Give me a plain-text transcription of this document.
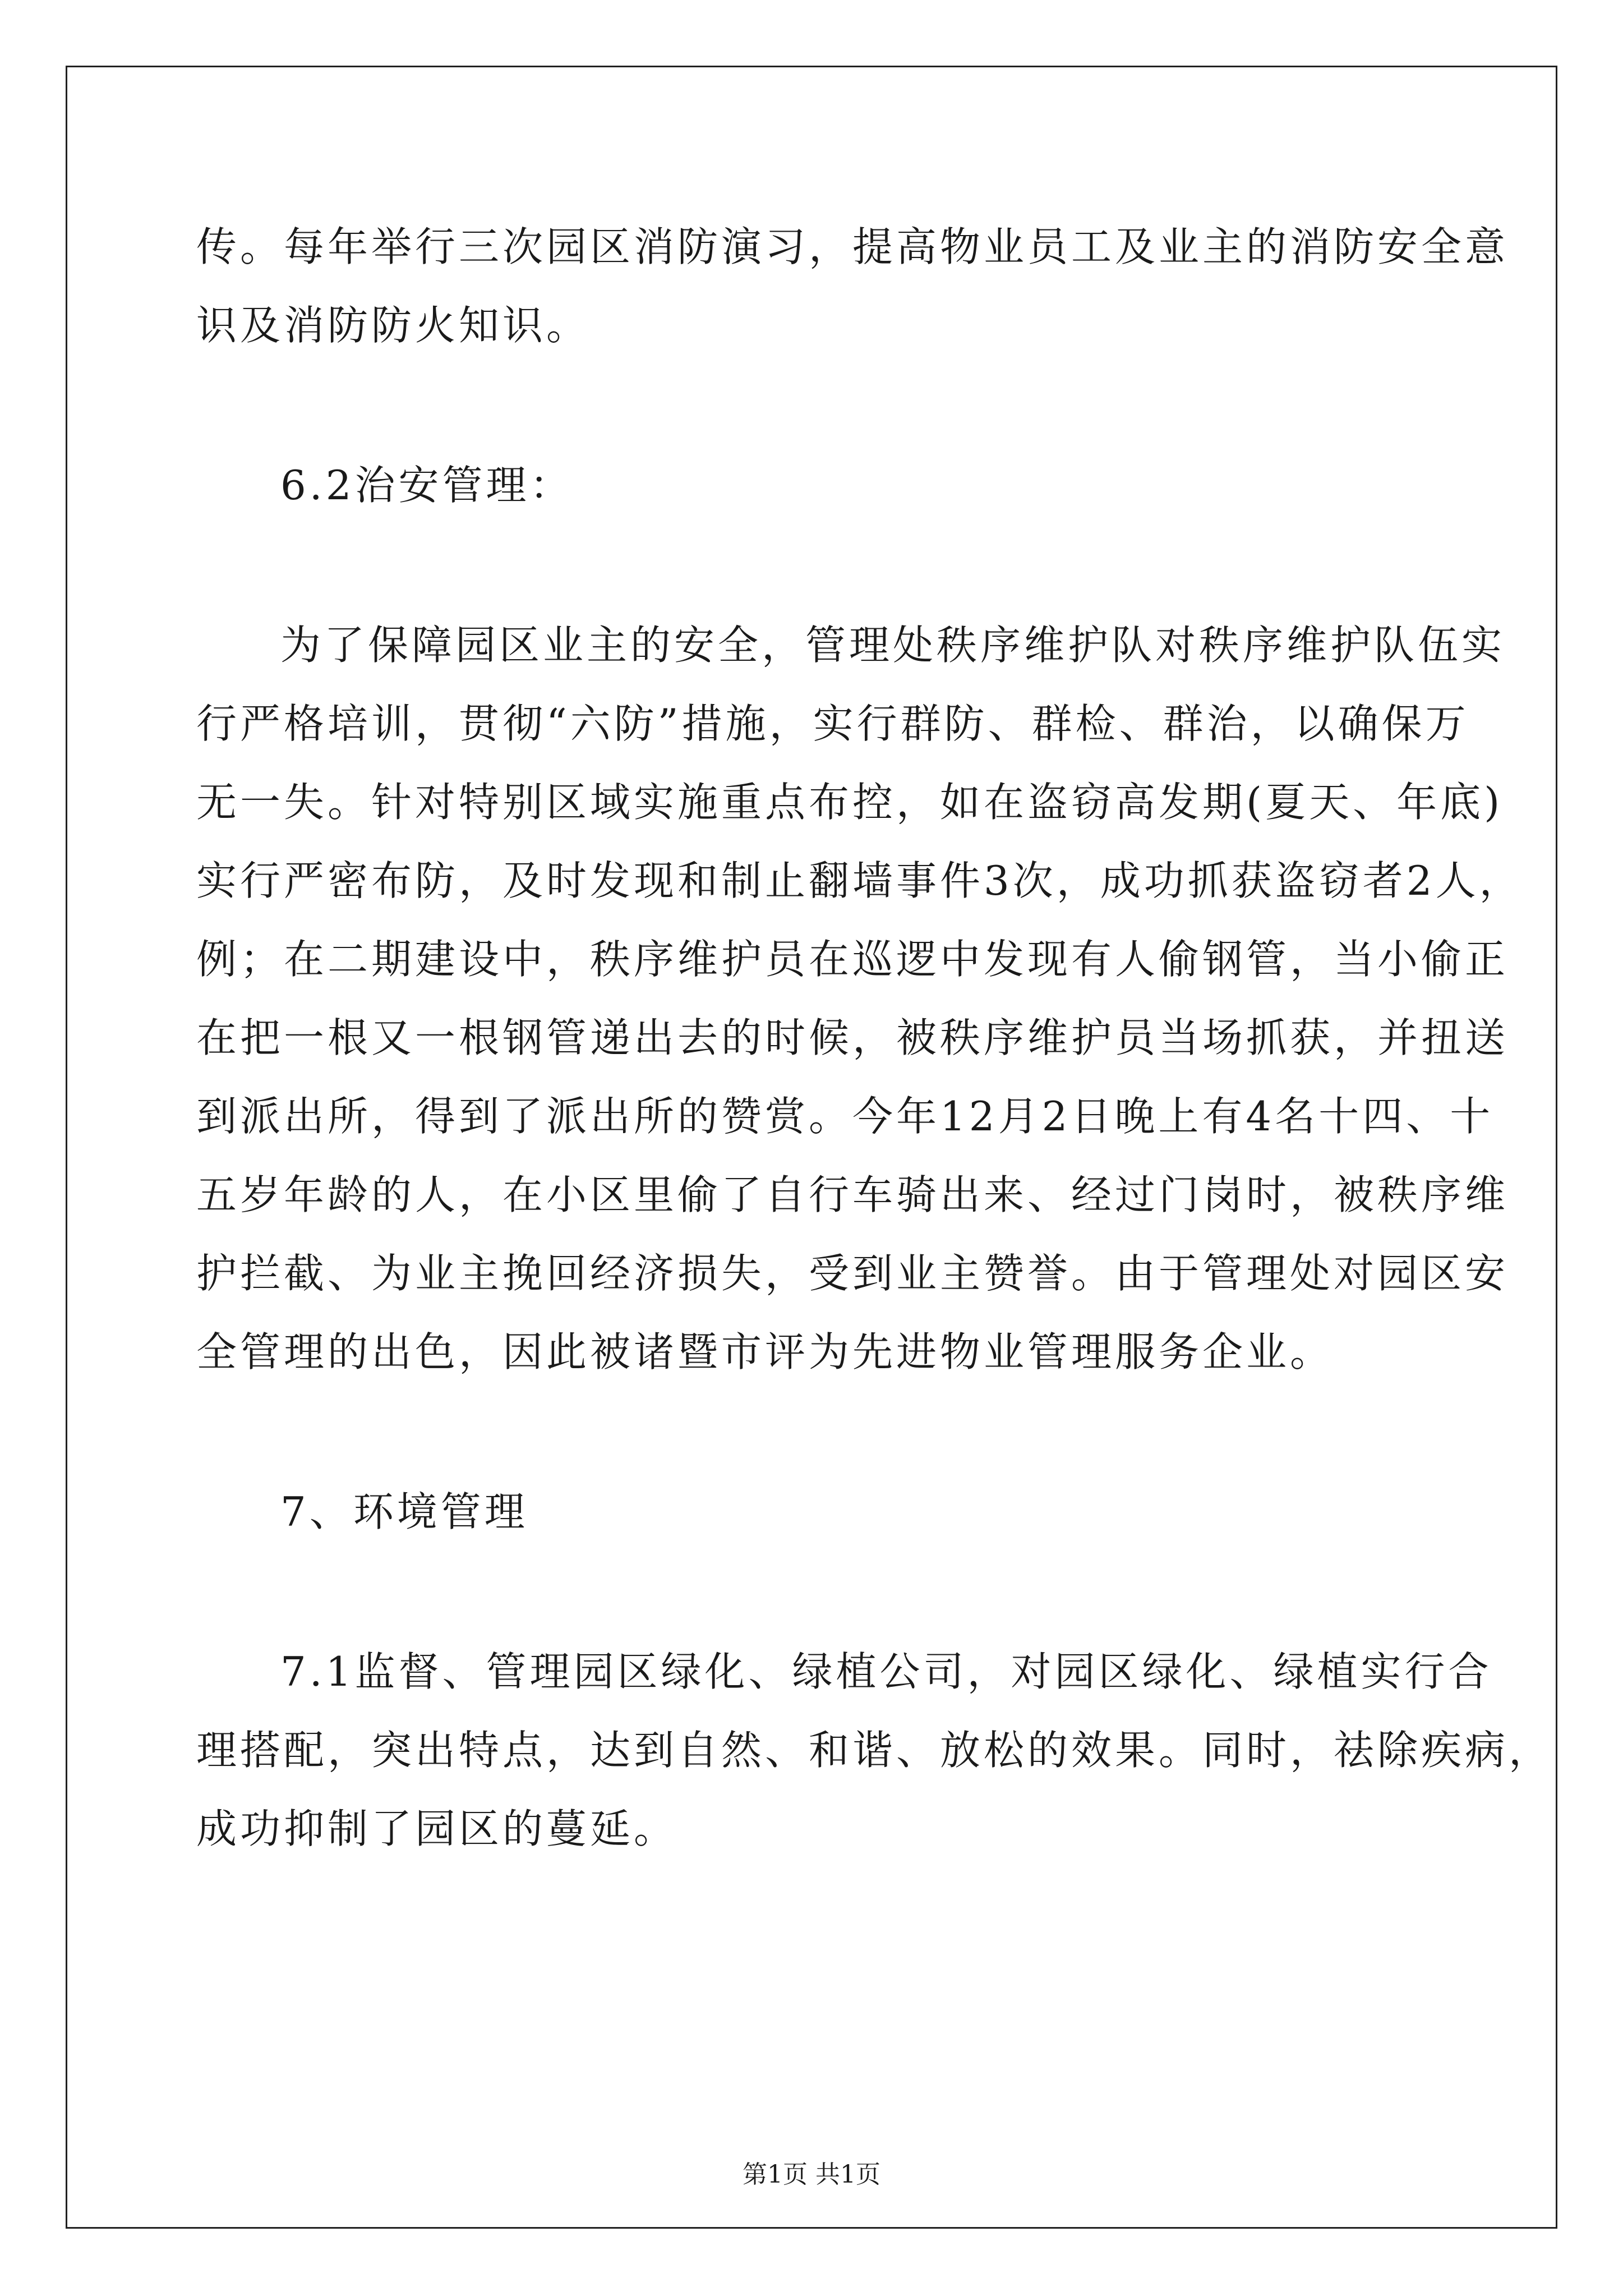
传。每年举行三次园区消防演习，提高物业员工及业主的消防安全意
识及消防防火知识。
6.2治安管理：
为了保障园区业主的安全，管理处秩序维护队对秩序维护队伍实
行严格培训，贯彻“六防”措施，实行群防、群检、群治，以确保万
无一失。针对特别区域实施重点布控，如在盗窃高发期(夏天、年底)
实行严密布防，及时发现和制止翻墙事件3次，成功抓获盗窃者2人，
例；在二期建设中，秩序维护员在巡逻中发现有人偷钢管，当小偷正
在把一根又一根钢管递出去的时候，被秩序维护员当场抓获，并扭送
到派出所，得到了派出所的赞赏。今年12月2日晚上有4名十四、十
五岁年龄的人，在小区里偷了自行车骑出来、经过门岗时，被秩序维
护拦截、为业主挽回经济损失，受到业主赞誉。由于管理处对园区安
全管理的出色，因此被诸暨市评为先进物业管理服务企业。
7、环境管理
7.1监督、管理园区绿化、绿植公司，对园区绿化、绿植实行合
理搭配，突出特点，达到自然、和谐、放松的效果。同时，祛除疾病，
成功抑制了园区的蔓延。
第1页 共1页
